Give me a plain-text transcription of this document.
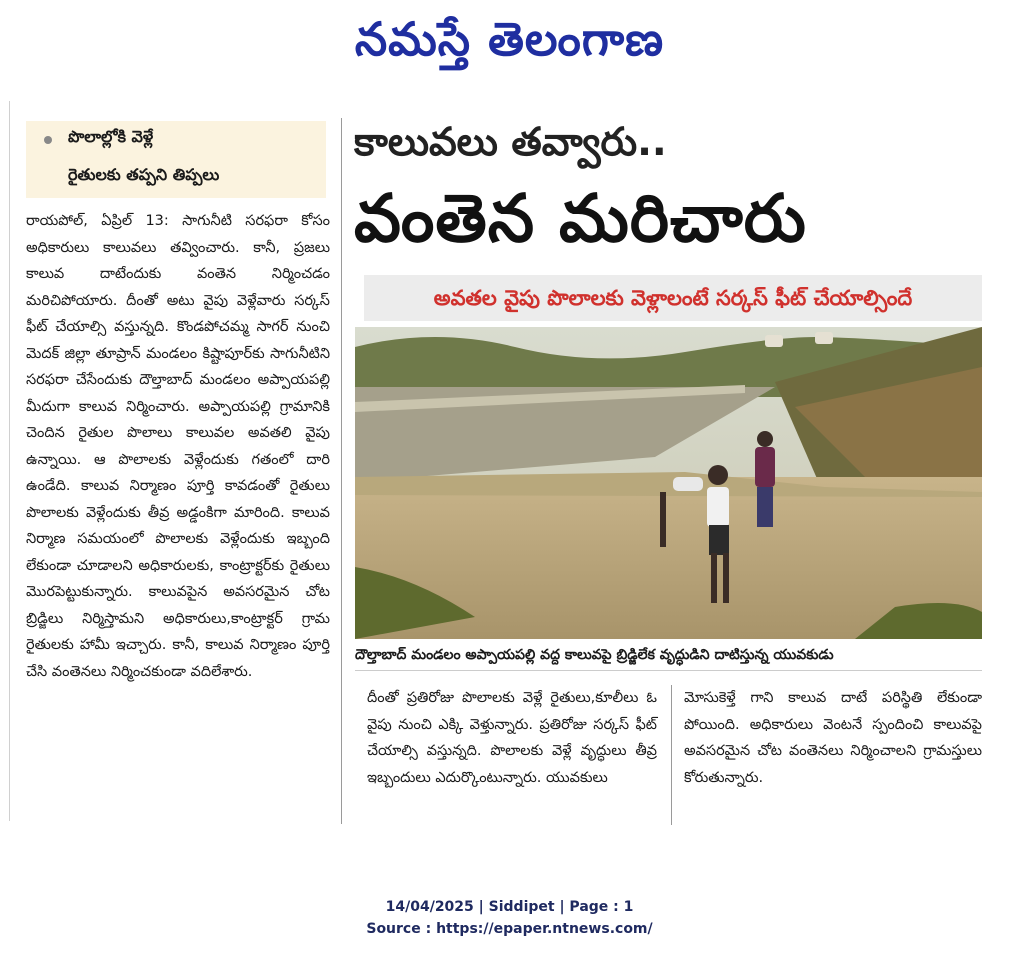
నమస్తే తెలంగాణ
పొలాల్లోకి వెళ్లే
రైతులకు తప్పని తిప్పలు
రాయపోల్, ఏప్రిల్ 13: సాగునీటి సరఫరా కోసం అధికారులు కాలువలు తవ్వించారు. కానీ, ప్రజలు కాలువ దాటేందుకు వంతెన నిర్మించడం మరిచిపోయారు. దీంతో అటు వైపు వెళ్లేవారు సర్కస్ ఫీట్ చేయాల్సి వస్తున్నది. కొండపోచమ్మ సాగర్ నుంచి మెదక్ జిల్లా తూప్రాన్ మండలం కిష్టాపూర్‌కు సాగునీటిని సరఫరా చేసేందుకు దౌల్తాబాద్ మండలం అప్పాయపల్లి మీదుగా కాలువ నిర్మించారు. అప్పాయపల్లి గ్రామానికి చెందిన రైతుల పొలాలు కాలువల అవతలి వైపు ఉన్నాయి. ఆ పొలాలకు వెళ్లేందుకు గతంలో దారి ఉండేది. కాలువ నిర్మాణం పూర్తి కావడంతో రైతులు పొలాలకు వెళ్లేందుకు తీవ్ర అడ్డంకిగా మారింది. కాలువ నిర్మాణ సమయంలో పొలాలకు వెళ్లేందుకు ఇబ్బంది లేకుండా చూడాలని అధికారులకు, కాంట్రాక్టర్‌కు రైతులు మొరపెట్టుకున్నారు. కాలువపైన అవసరమైన చోట బ్రిడ్జిలు నిర్మిస్తామని అధికారులు,కాంట్రాక్టర్ గ్రామ రైతులకు హామీ ఇచ్చారు. కానీ, కాలువ నిర్మాణం పూర్తి చేసి వంతెనలు నిర్మించకుండా వదిలేశారు.
కాలువలు తవ్వారు..
వంతెన మరిచారు
అవతల వైపు పొలాలకు వెళ్లాలంటే సర్కస్ ఫీట్ చేయాల్సిందే
దౌల్తాబాద్ మండలం అప్పాయపల్లి వద్ద కాలువపై బ్రిడ్జిలేక వృద్ధుడిని దాటిస్తున్న యువకుడు
దీంతో ప్రతిరోజు పొలాలకు వెళ్లే రైతులు,కూలీలు ఓ వైపు నుంచి ఎక్కి వెళ్తున్నారు. ప్రతిరోజు సర్కస్ ఫీట్ చేయాల్సి వస్తున్నది. పొలాలకు వెళ్లే వృద్ధులు తీవ్ర ఇబ్బందులు ఎదుర్కొంటున్నారు. యువకులు
మోసుకెళ్తే గాని కాలువ దాటే పరిస్థితి లేకుండా పోయింది. అధికారులు వెంటనే స్పందించి కాలువపై అవసరమైన చోట వంతెనలు నిర్మించాలని గ్రామస్తులు కోరుతున్నారు.
14/04/2025 | Siddipet | Page : 1
Source : https://epaper.ntnews.com/
